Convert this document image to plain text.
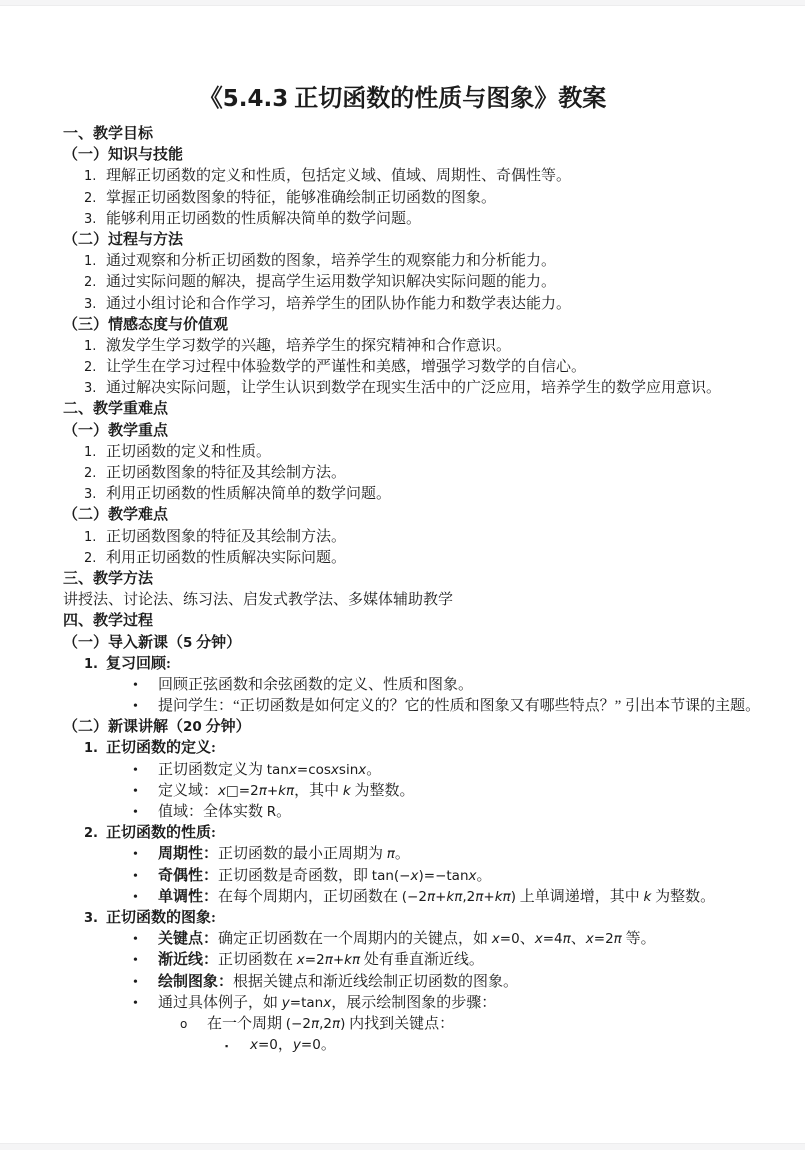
《5.4.3 正切函数的性质与图象》教案
一、教学目标
（一）知识与技能
1. 理解正切函数的定义和性质，包括定义域、值域、周期性、奇偶性等。
2. 掌握正切函数图象的特征，能够准确绘制正切函数的图象。
3. 能够利用正切函数的性质解决简单的数学问题。
（二）过程与方法
1. 通过观察和分析正切函数的图象，培养学生的观察能力和分析能力。
2. 通过实际问题的解决，提高学生运用数学知识解决实际问题的能力。
3. 通过小组讨论和合作学习，培养学生的团队协作能力和数学表达能力。
（三）情感态度与价值观
1. 激发学生学习数学的兴趣，培养学生的探究精神和合作意识。
2. 让学生在学习过程中体验数学的严谨性和美感，增强学习数学的自信心。
3. 通过解决实际问题，让学生认识到数学在现实生活中的广泛应用，培养学生的数学应用意识。
二、教学重难点
（一）教学重点
1. 正切函数的定义和性质。
2. 正切函数图象的特征及其绘制方法。
3. 利用正切函数的性质解决简单的数学问题。
（二）教学难点
1. 正切函数图象的特征及其绘制方法。
2. 利用正切函数的性质解决实际问题。
三、教学方法
讲授法、讨论法、练习法、启发式教学法、多媒体辅助教学
四、教学过程
（一）导入新课（5 分钟）
1. 复习回顾:
• 回顾正弦函数和余弦函数的定义、性质和图象。
• 提问学生：“正切函数是如何定义的？它的性质和图象又有哪些特点？” 引出本节课的主题。
（二）新课讲解（20 分钟）
1. 正切函数的定义:
• 正切函数定义为 tanx=cosxsinx。
• 定义域：x□=2π+kπ，其中 k 为整数。
• 值域：全体实数 R。
2. 正切函数的性质:
• 周期性：正切函数的最小正周期为 π。
• 奇偶性：正切函数是奇函数，即 tan(−x)=−tanx。
• 单调性：在每个周期内，正切函数在 (−2π+kπ,2π+kπ) 上单调递增，其中 k 为整数。
3. 正切函数的图象:
• 关键点：确定正切函数在一个周期内的关键点，如 x=0、x=4π、x=2π 等。
• 渐近线：正切函数在 x=2π+kπ 处有垂直渐近线。
• 绘制图象：根据关键点和渐近线绘制正切函数的图象。
• 通过具体例子，如 y=tanx，展示绘制图象的步骤：
o 在一个周期 (−2π,2π) 内找到关键点：
▪ x=0，y=0。
